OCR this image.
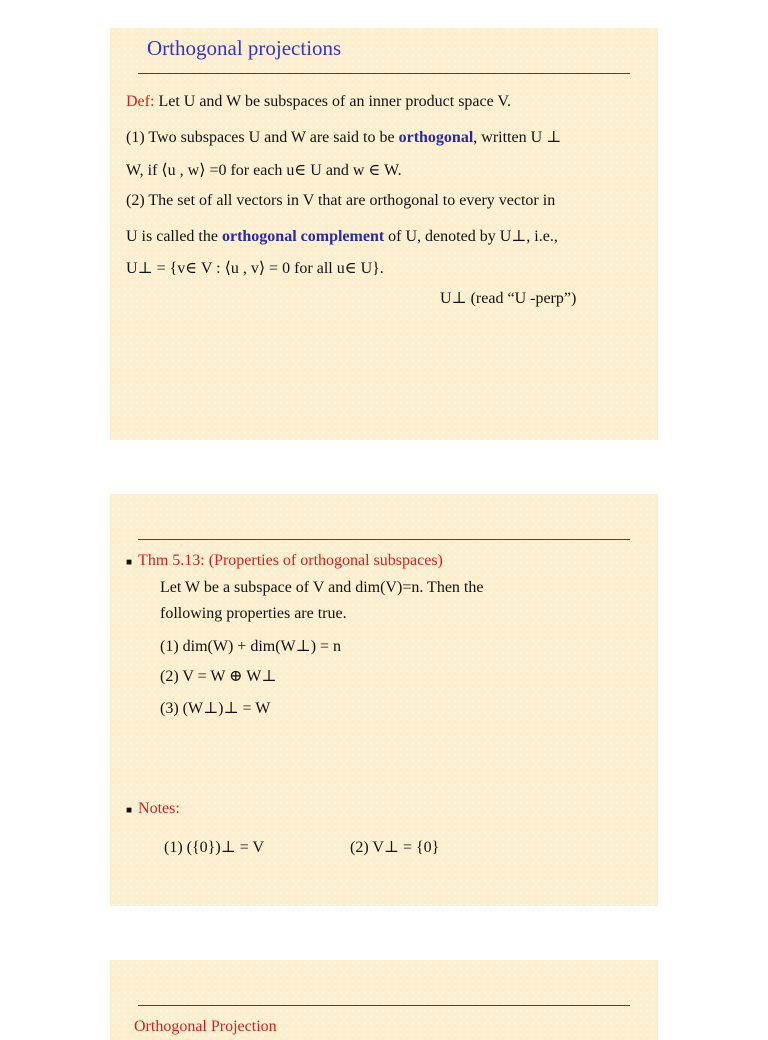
Orthogonal projections
Def: Let U and W be subspaces of an inner product space V.
(1) Two subspaces U and W are said to be orthogonal, written U ⊥
W, if ⟨u , w⟩ =0 for each u∈ U and w ∈ W.
(2) The set of all vectors in V that are orthogonal to every vector in
U is called the orthogonal complement of U, denoted by U⊥, i.e.,
U⊥ = {v∈ V : ⟨u , v⟩ = 0 for all u∈ U}.
U⊥ (read “U -perp”)
■ Thm 5.13: (Properties of orthogonal subspaces)
Let W be a subspace of V and dim(V)=n. Then the
following properties are true.
(1) dim(W) + dim(W⊥) = n
(2) V = W ⊕ W⊥
(3) (W⊥)⊥ = W
■ Notes:
(1) ({0})⊥ = V	(2) V⊥ = {0}
Orthogonal Projection
